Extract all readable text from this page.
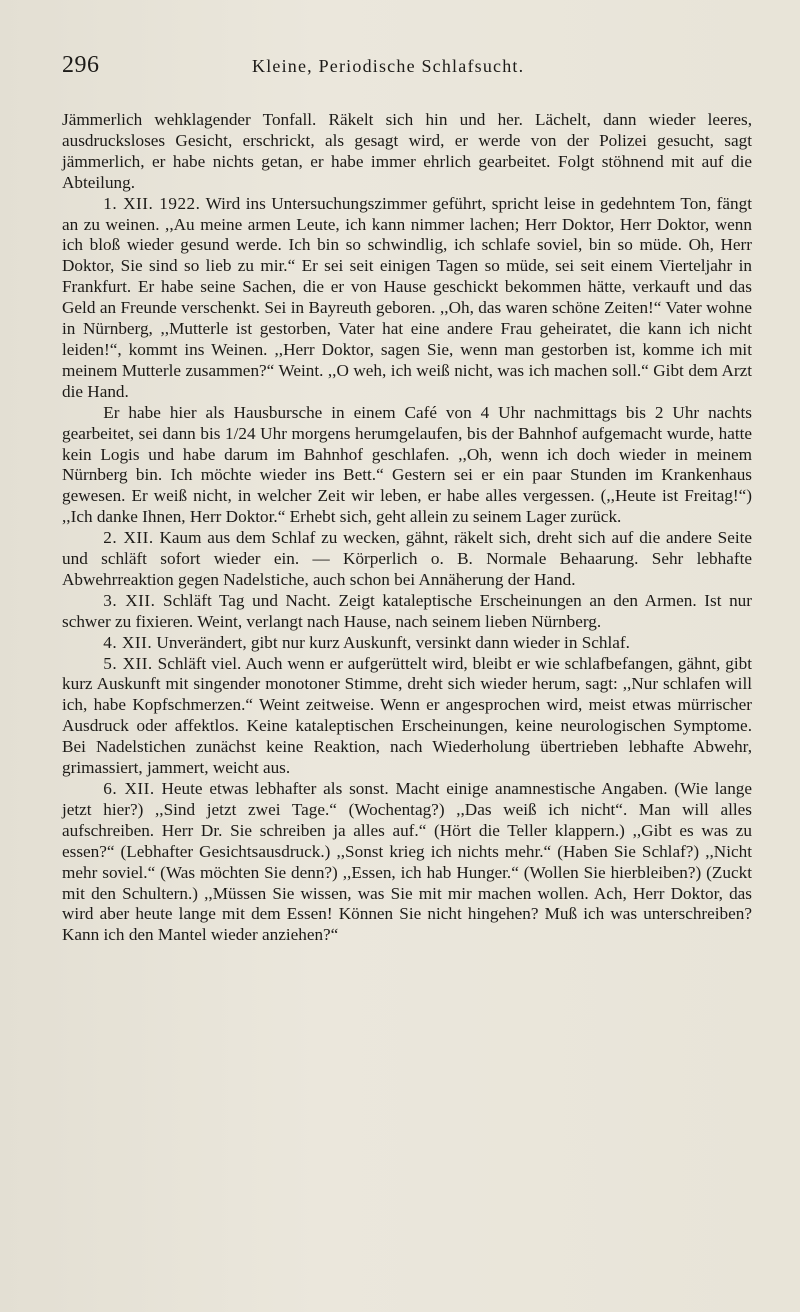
296	Kleine, Periodische Schlafsucht.

Jämmerlich wehklagender Tonfall. Räkelt sich hin und her. Lächelt, dann wieder leeres, ausdrucksloses Gesicht, erschrickt, als gesagt wird, er werde von der Polizei gesucht, sagt jämmerlich, er habe nichts getan, er habe immer ehrlich gearbeitet. Folgt stöhnend mit auf die Abteilung.

1. XII. 1922. Wird ins Untersuchungszimmer geführt, spricht leise in gedehntem Ton, fängt an zu weinen. ,,Au meine armen Leute, ich kann nimmer lachen; Herr Doktor, Herr Doktor, wenn ich bloß wieder gesund werde. Ich bin so schwindlig, ich schlafe soviel, bin so müde. Oh, Herr Doktor, Sie sind so lieb zu mir.“ Er sei seit einigen Tagen so müde, sei seit einem Vierteljahr in Frankfurt. Er habe seine Sachen, die er von Hause geschickt bekommen hätte, verkauft und das Geld an Freunde verschenkt. Sei in Bayreuth geboren. ,,Oh, das waren schöne Zeiten!“ Vater wohne in Nürnberg, ,,Mutterle ist gestorben, Vater hat eine andere Frau geheiratet, die kann ich nicht leiden!“, kommt ins Weinen. ,,Herr Doktor, sagen Sie, wenn man gestorben ist, komme ich mit meinem Mutterle zusammen?“ Weint. ,,O weh, ich weiß nicht, was ich machen soll.“ Gibt dem Arzt die Hand.

Er habe hier als Hausbursche in einem Café von 4 Uhr nachmittags bis 2 Uhr nachts gearbeitet, sei dann bis 1/24 Uhr morgens herumgelaufen, bis der Bahnhof aufgemacht wurde, hatte kein Logis und habe darum im Bahnhof geschlafen. ,,Oh, wenn ich doch wieder in meinem Nürnberg bin. Ich möchte wieder ins Bett.“ Gestern sei er ein paar Stunden im Krankenhaus gewesen. Er weiß nicht, in welcher Zeit wir leben, er habe alles vergessen. (,,Heute ist Freitag!“) ,,Ich danke Ihnen, Herr Doktor.“ Erhebt sich, geht allein zu seinem Lager zurück.

2. XII. Kaum aus dem Schlaf zu wecken, gähnt, räkelt sich, dreht sich auf die andere Seite und schläft sofort wieder ein. — Körperlich o. B. Normale Behaarung. Sehr lebhafte Abwehrreaktion gegen Nadelstiche, auch schon bei Annäherung der Hand.

3. XII. Schläft Tag und Nacht. Zeigt kataleptische Erscheinungen an den Armen. Ist nur schwer zu fixieren. Weint, verlangt nach Hause, nach seinem lieben Nürnberg.

4. XII. Unverändert, gibt nur kurz Auskunft, versinkt dann wieder in Schlaf.

5. XII. Schläft viel. Auch wenn er aufgerüttelt wird, bleibt er wie schlafbefangen, gähnt, gibt kurz Auskunft mit singender monotoner Stimme, dreht sich wieder herum, sagt: ,,Nur schlafen will ich, habe Kopfschmerzen.“ Weint zeitweise. Wenn er angesprochen wird, meist etwas mürrischer Ausdruck oder affektlos. Keine kataleptischen Erscheinungen, keine neurologischen Symptome. Bei Nadelstichen zunächst keine Reaktion, nach Wiederholung übertrieben lebhafte Abwehr, grimassiert, jammert, weicht aus.

6. XII. Heute etwas lebhafter als sonst. Macht einige anamnestische Angaben. (Wie lange jetzt hier?) ,,Sind jetzt zwei Tage.“ (Wochentag?) ,,Das weiß ich nicht“. Man will alles aufschreiben. Herr Dr. Sie schreiben ja alles auf.“ (Hört die Teller klappern.) ,,Gibt es was zu essen?“ (Lebhafter Gesichtsausdruck.) ,,Sonst krieg ich nichts mehr.“ (Haben Sie Schlaf?) ,,Nicht mehr soviel.“ (Was möchten Sie denn?) ,,Essen, ich hab Hunger.“ (Wollen Sie hierbleiben?) (Zuckt mit den Schultern.) ,,Müssen Sie wissen, was Sie mit mir machen wollen. Ach, Herr Doktor, das wird aber heute lange mit dem Essen! Können Sie nicht hingehen? Muß ich was unterschreiben? Kann ich den Mantel wieder anziehen?“
